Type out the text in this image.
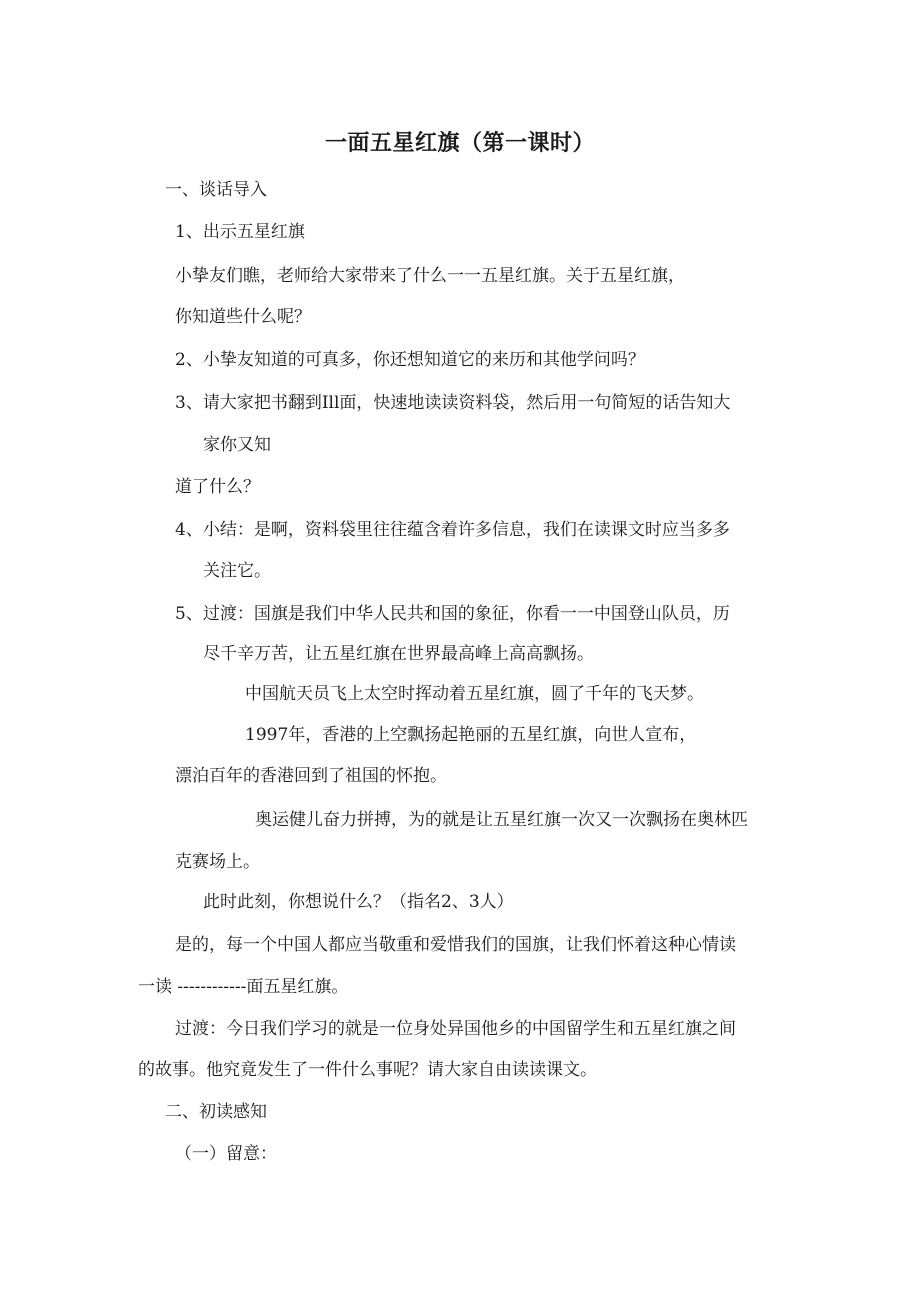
一面五星红旗（第一课时）

一、谈话导入

1、出示五星红旗

小挚友们瞧，老师给大家带来了什么一一五星红旗。关于五星红旗，

你知道些什么呢？

2、小挚友知道的可真多，你还想知道它的来历和其他学问吗？

3、请大家把书翻到Ill面，快速地读读资料袋，然后用一句简短的话告知大

家你又知

道了什么？

4、小结：是啊，资料袋里往往蕴含着许多信息，我们在读课文时应当多多

关注它。

5、过渡：国旗是我们中华人民共和国的象征，你看一一中国登山队员，历

尽千辛万苦，让五星红旗在世界最高峰上高高飘扬。

中国航天员飞上太空时挥动着五星红旗，圆了千年的飞天梦。

1997年，香港的上空飘扬起艳丽的五星红旗，向世人宣布，

漂泊百年的香港回到了祖国的怀抱。

奥运健儿奋力拼搏，为的就是让五星红旗一次又一次飘扬在奥林匹

克赛场上。

此时此刻，你想说什么？（指名2、3人）

是的，每一个中国人都应当敬重和爱惜我们的国旗，让我们怀着这种心情读

一读 ------------面五星红旗。

过渡：今日我们学习的就是一位身处异国他乡的中国留学生和五星红旗之间

的故事。他究竟发生了一件什么事呢？请大家自由读读课文。

二、初读感知

（一）留意：
